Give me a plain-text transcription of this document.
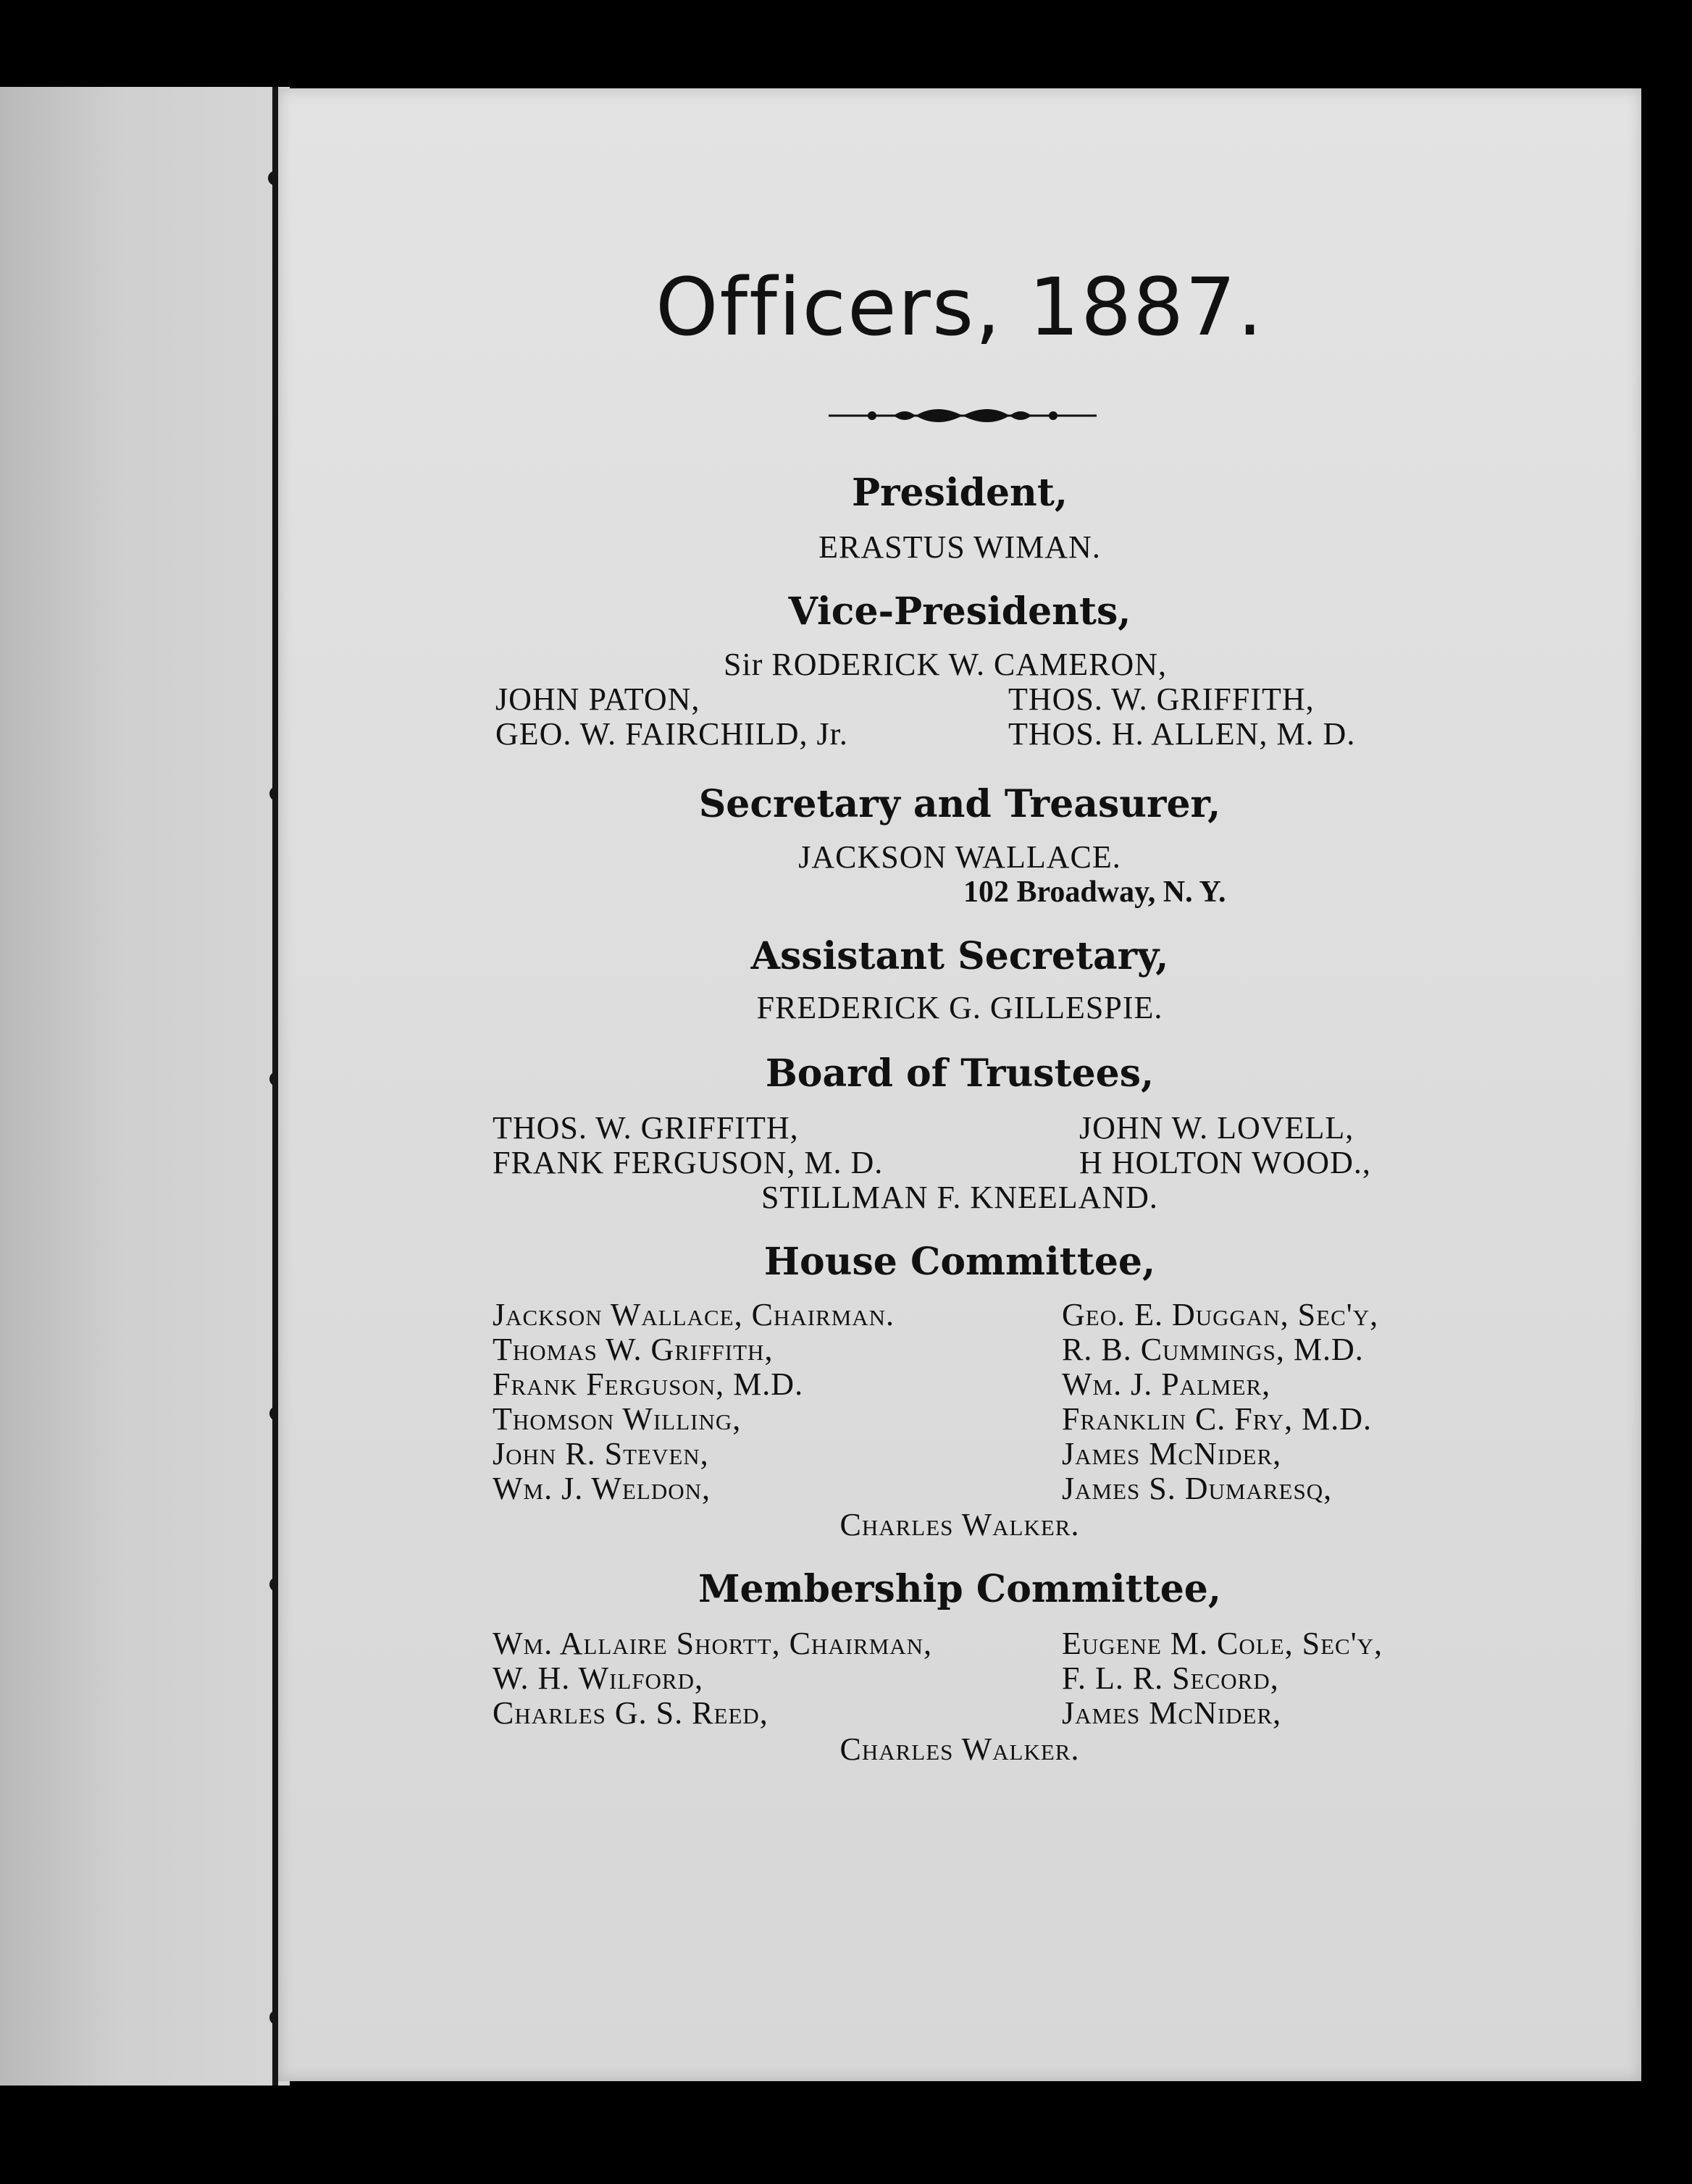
Officers, 1887.
President,
ERASTUS WIMAN.
Vice-Presidents,
Sir RODERICK W. CAMERON,
JOHN PATON,
GEO. W. FAIRCHILD, Jr.
THOS. W. GRIFFITH,
THOS. H. ALLEN, M. D.
Secretary and Treasurer,
JACKSON WALLACE.
102 Broadway, N. Y.
Assistant Secretary,
FREDERICK G. GILLESPIE.
Board of Trustees,
THOS. W. GRIFFITH,
FRANK FERGUSON, M. D.
JOHN W. LOVELL,
H HOLTON WOOD.,
STILLMAN F. KNEELAND.
House Committee,
Jackson Wallace, Chairman.
Thomas W. Griffith,
Frank Ferguson, M.D.
Thomson Willing,
John R. Steven,
Wm. J. Weldon,
Geo. E. Duggan, Sec'y,
R. B. Cummings, M.D.
Wm. J. Palmer,
Franklin C. Fry, M.D.
James McNider,
James S. Dumaresq,
Charles Walker.
Membership Committee,
Wm. Allaire Shortt, Chairman,
W. H. Wilford,
Charles G. S. Reed,
Eugene M. Cole, Sec'y,
F. L. R. Secord,
James McNider,
Charles Walker.
